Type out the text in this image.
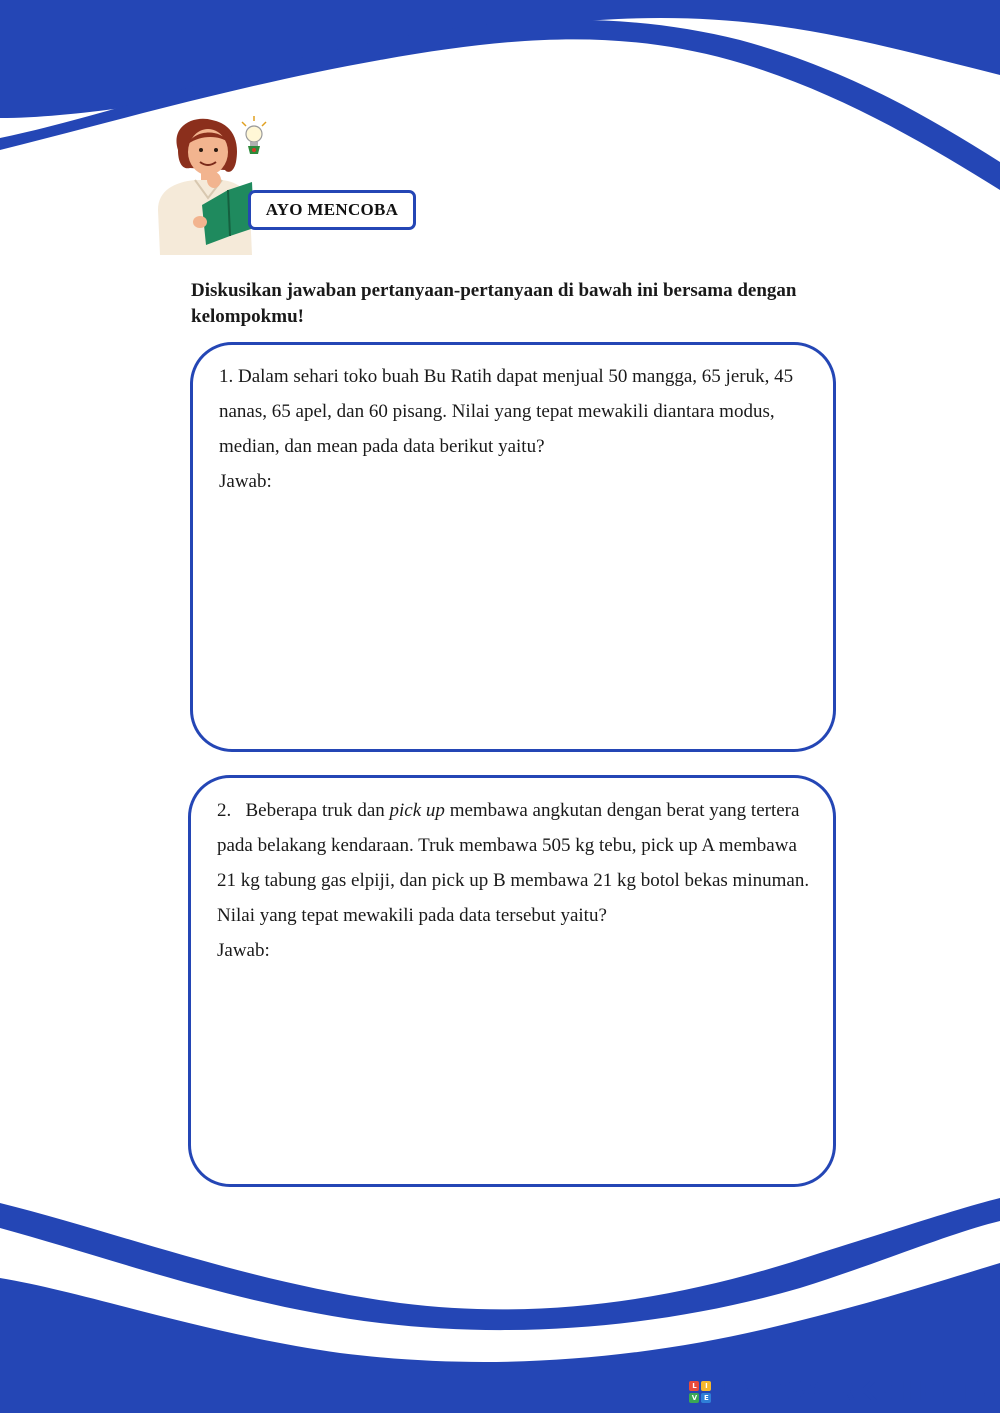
AYO MENCOBA
Diskusikan jawaban pertanyaan-pertanyaan di bawah ini bersama dengan kelompokmu!
1. Dalam sehari toko buah Bu Ratih dapat menjual 50 mangga, 65 jeruk, 45 nanas, 65 apel, dan 60 pisang. Nilai yang tepat mewakili diantara modus, median, dan mean pada data berikut yaitu?
Jawab:
2. Beberapa truk dan pick up membawa angkutan dengan berat yang tertera pada belakang kendaraan. Truk membawa 505 kg tebu, pick up A membawa 21 kg tabung gas elpiji, dan pick up B membawa 21 kg botol bekas minuman. Nilai yang tepat mewakili pada data tersebut yaitu?
Jawab:
L	I
V E LIVEWORKSHEETS
